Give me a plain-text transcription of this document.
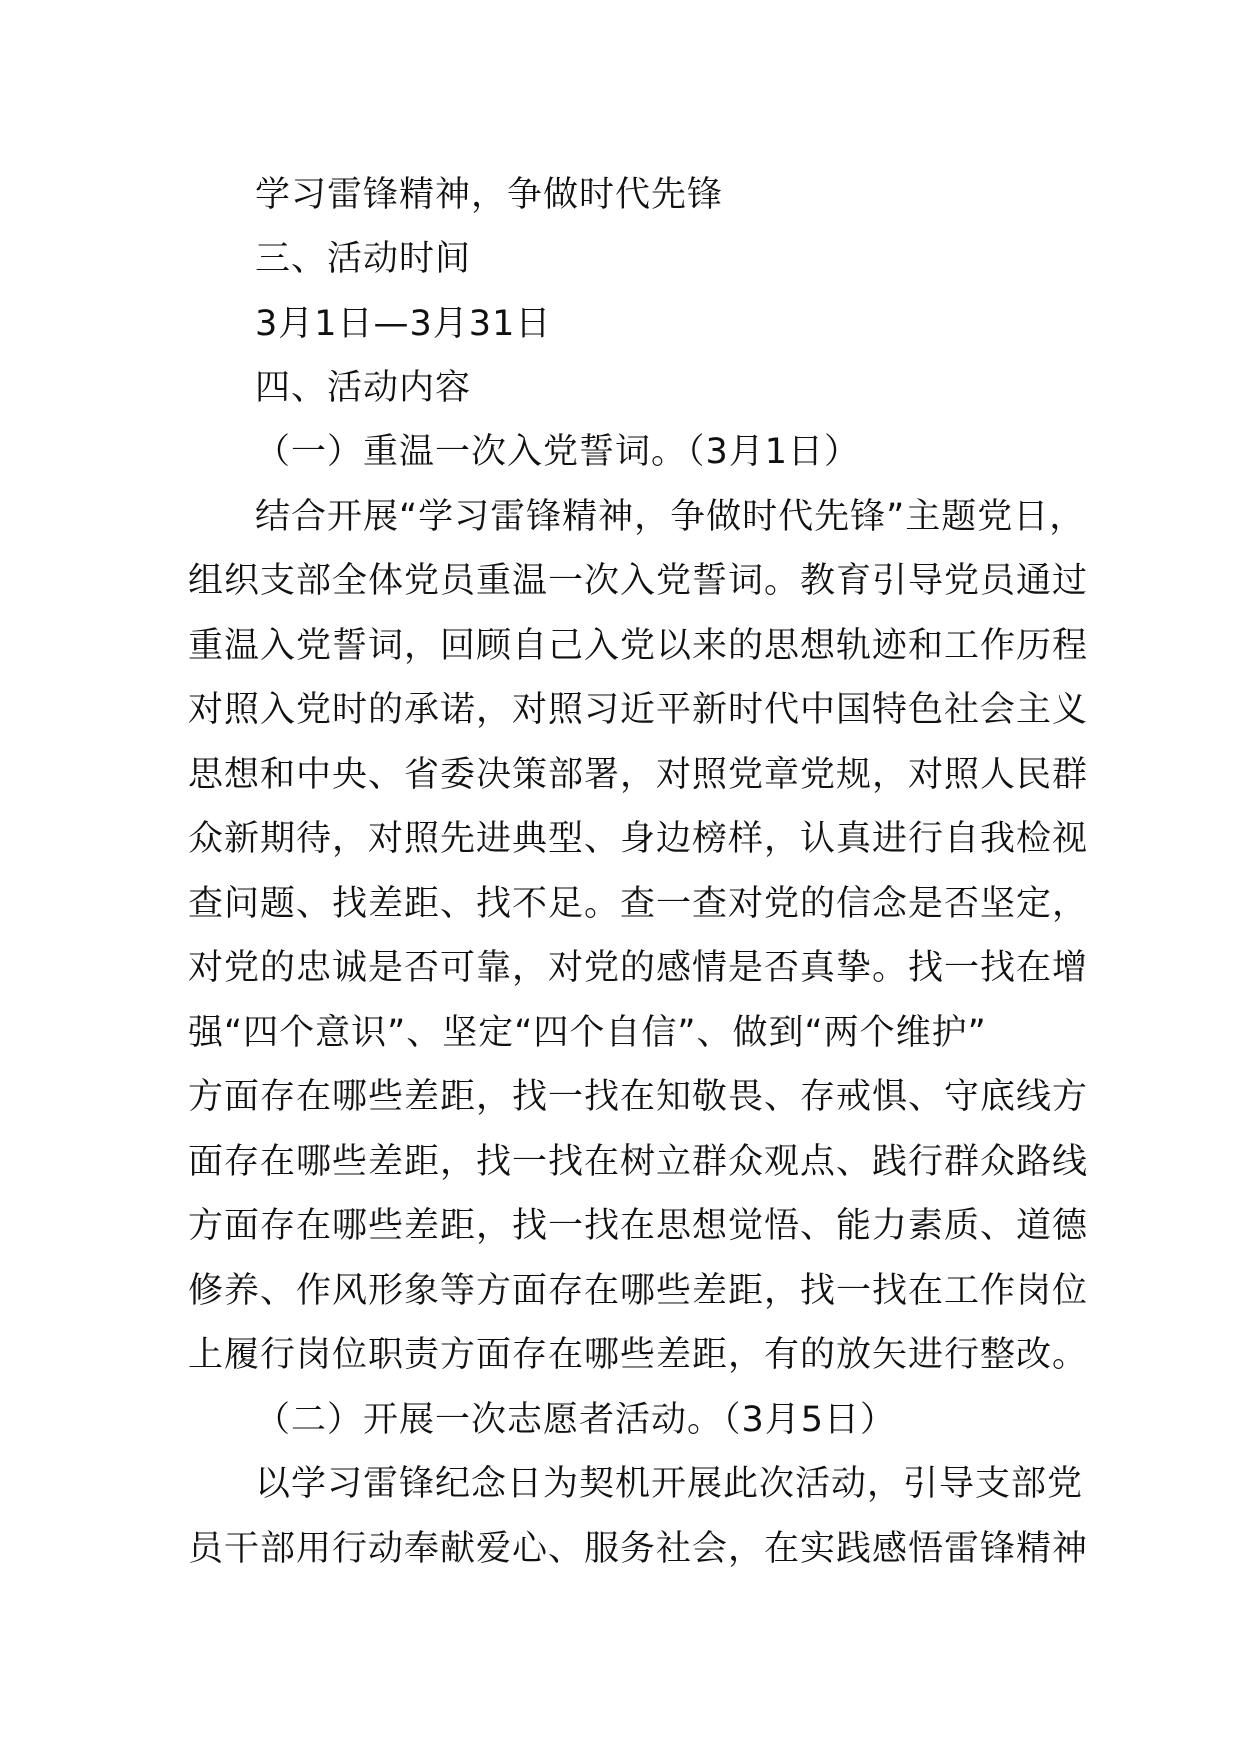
学习雷锋精神，争做时代先锋
三、活动时间
3月1日—3月31日
四、活动内容
（一）重温一次入党誓词。（3月1日）
结合开展“学习雷锋精神，争做时代先锋”主题党日，
组织支部全体党员重温一次入党誓词。教育引导党员通过
重温入党誓词，回顾自己入党以来的思想轨迹和工作历程
对照入党时的承诺，对照习近平新时代中国特色社会主义
思想和中央、省委决策部署，对照党章党规，对照人民群
众新期待，对照先进典型、身边榜样，认真进行自我检视
查问题、找差距、找不足。查一查对党的信念是否坚定，
对党的忠诚是否可靠，对党的感情是否真挚。找一找在增
强“四个意识”、坚定“四个自信”、做到“两个维护”
方面存在哪些差距，找一找在知敬畏、存戒惧、守底线方
面存在哪些差距，找一找在树立群众观点、践行群众路线
方面存在哪些差距，找一找在思想觉悟、能力素质、道德
修养、作风形象等方面存在哪些差距，找一找在工作岗位
上履行岗位职责方面存在哪些差距，有的放矢进行整改。
（二）开展一次志愿者活动。（3月5日）
以学习雷锋纪念日为契机开展此次活动，引导支部党
员干部用行动奉献爱心、服务社会，在实践感悟雷锋精神
